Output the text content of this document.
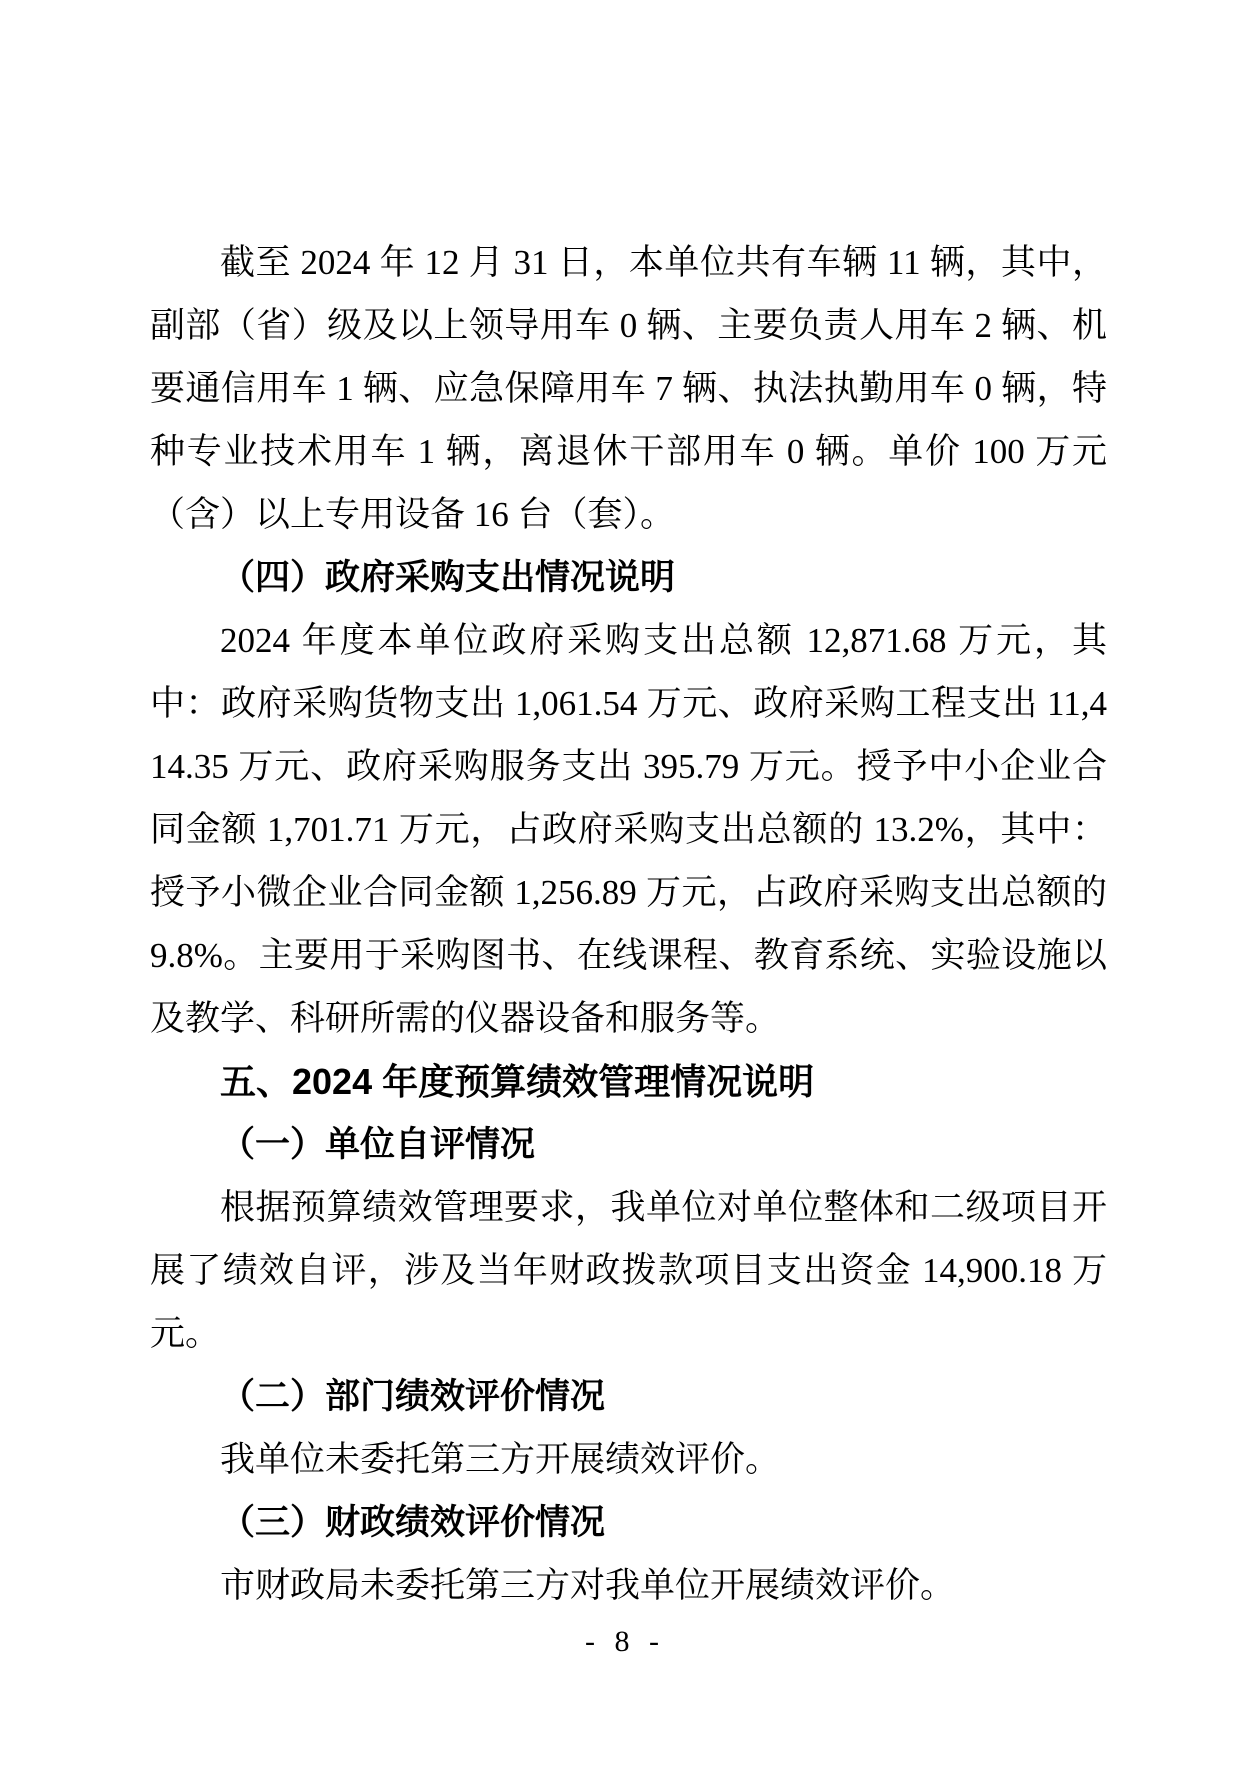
截至 2024 年 12 月 31 日，本单位共有车辆 11 辆，其中，副部（省）级及以上领导用车 0 辆、主要负责人用车 2 辆、机要通信用车 1 辆、应急保障用车 7 辆、执法执勤用车 0 辆，特种专业技术用车 1 辆，离退休干部用车 0 辆。单价 100 万元（含）以上专用设备 16 台（套）。

（四）政府采购支出情况说明

2024 年度本单位政府采购支出总额 12,871.68 万元，其中：政府采购货物支出 1,061.54 万元、政府采购工程支出 11,414.35 万元、政府采购服务支出 395.79 万元。授予中小企业合同金额 1,701.71 万元，占政府采购支出总额的 13.2%，其中：授予小微企业合同金额 1,256.89 万元，占政府采购支出总额的 9.8%。主要用于采购图书、在线课程、教育系统、实验设施以及教学、科研所需的仪器设备和服务等。

五、2024 年度预算绩效管理情况说明

（一）单位自评情况

根据预算绩效管理要求，我单位对单位整体和二级项目开展了绩效自评，涉及当年财政拨款项目支出资金 14,900.18 万元。

（二）部门绩效评价情况

我单位未委托第三方开展绩效评价。

（三）财政绩效评价情况

市财政局未委托第三方对我单位开展绩效评价。

- 8 -
